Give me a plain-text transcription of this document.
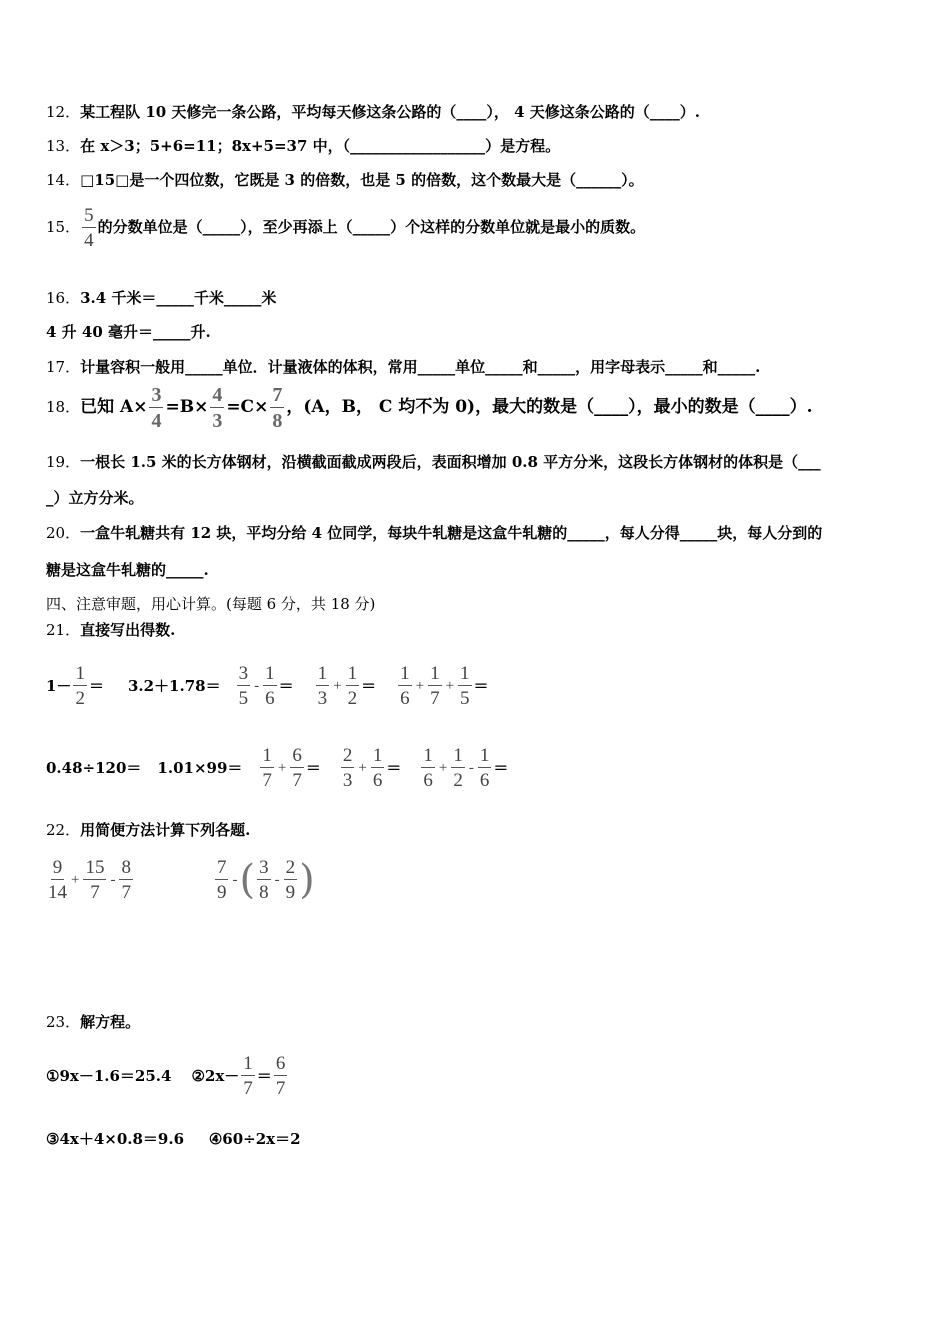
12．某工程队 10 天修完一条公路，平均每天修这条公路的（____）， 4 天修这条公路的（____）.
13．在 x＞3；5+6=11；8x+5=37 中，（__________________）是方程。
14．□15□是一个四位数，它既是 3 的倍数，也是 5 的倍数，这个数最大是（______）。
15． $\frac{5}{4}$ 的分数单位是（_____），至少再添上（_____）个这样的分数单位就是最小的质数。
16．3.4 千米＝_____千米_____米
4 升 40 毫升＝_____升.
17．计量容积一般用_____单位．计量液体的体积，常用_____单位_____和_____，用字母表示_____和_____.
18．已知 $A\times \frac{3}{4} =B\times \frac{4}{3} =C\times \frac{7}{8}$ ，(A，B， C 均不为 0)，最大的数是（____），最小的数是（____）.
19．一根长 1.5 米的长方体钢材，沿横截面截成两段后，表面积增加 0.8 平方分米，这段长方体钢材的体积是（___
_）立方分米。
20．一盒牛轧糖共有 12 块，平均分给 4 位同学，每块牛轧糖是这盒牛轧糖的_____，每人分得_____块，每人分到的
糖是这盒牛轧糖的_____.
四、注意审题，用心计算。(每题 6 分，共 18 分)
21．直接写出得数.
$1- \frac{1}{2} = 3.2+1.78= \frac{3}{5} - \frac{1}{6} = \frac{1}{3} + \frac{1}{2} = \frac{1}{6} + \frac{1}{7} + \frac{1}{5}$ ＝
$0.48\div 120= 1.01\times 99= \frac{1}{7} + \frac{6}{7} = \frac{2}{3} + \frac{1}{6} = \frac{1}{6} + \frac{1}{2} - \frac{1}{6}$ ＝
22．用简便方法计算下列各题.
$\frac{9}{14} + \frac{15}{7} - \frac{8}{7}$	$\frac{7}{9}$ - ( $\frac{3}{8} - \frac{2}{9}$ )
23．解方程。
①9x－1.6＝25.4 ②2x－ $\frac{1}{7} = \frac{6}{7}$
③4x＋4×0.8＝9.6 ④60÷2x＝2
